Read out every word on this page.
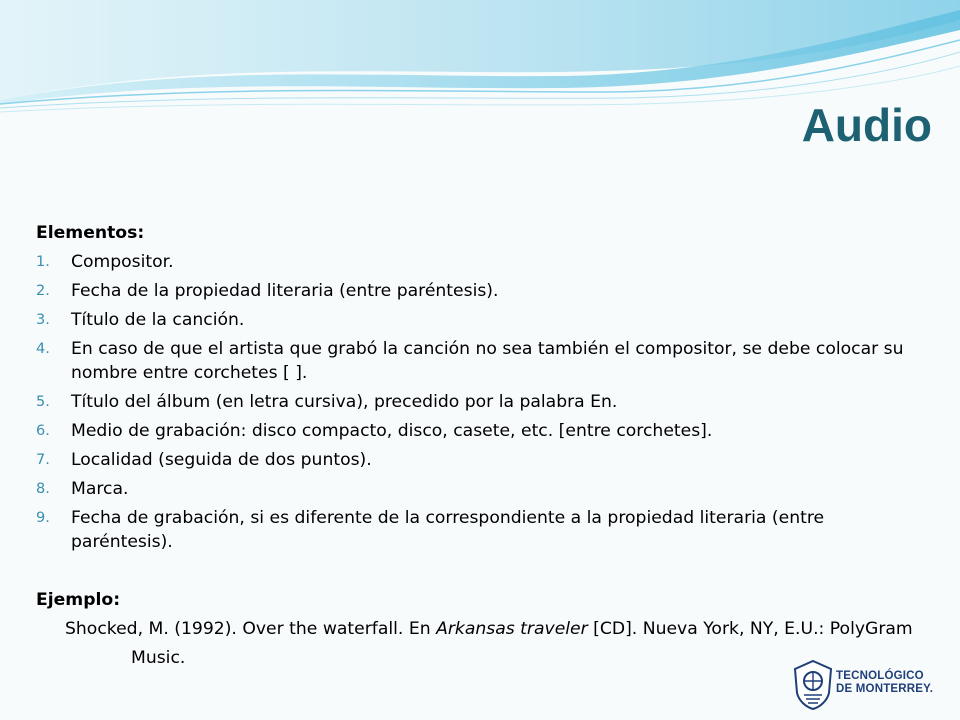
Audio

Elementos:

1. Compositor.
2. Fecha de la propiedad literaria (entre paréntesis).
3. Título de la canción.
4. En caso de que el artista que grabó la canción no sea también el compositor, se debe colocar su nombre entre corchetes [ ].
5. Título del álbum (en letra cursiva), precedido por la palabra En.
6. Medio de grabación: disco compacto, disco, casete, etc. [entre corchetes].
7. Localidad (seguida de dos puntos).
8. Marca.
9. Fecha de grabación, si es diferente de la correspondiente a la propiedad literaria (entre paréntesis).

Ejemplo:

Shocked, M. (1992). Over the waterfall. En Arkansas traveler [CD]. Nueva York, NY, E.U.: PolyGram Music.

TECNOLÓGICO
DE MONTERREY.
